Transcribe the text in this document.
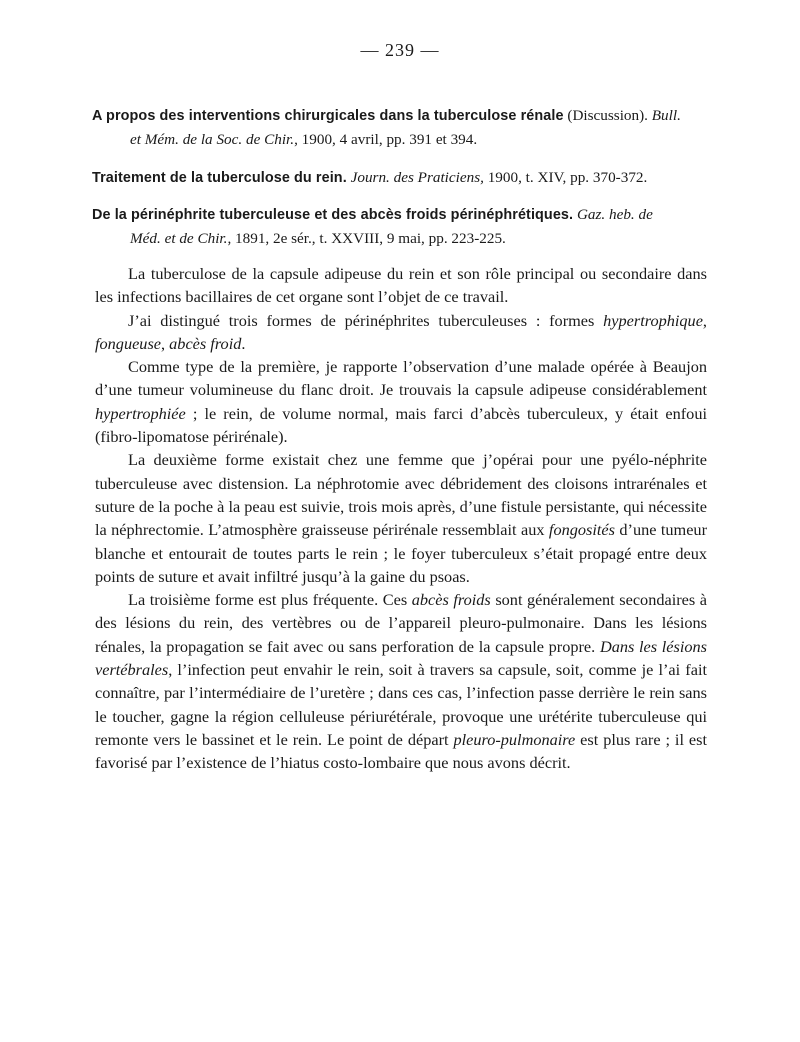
— 239 —
A propos des interventions chirurgicales dans la tuberculose rénale (Discussion). Bull.
et Mém. de la Soc. de Chir., 1900, 4 avril, pp. 391 et 394.
Traitement de la tuberculose du rein. Journ. des Praticiens, 1900, t. XIV, pp. 370-372.
De la périnéphrite tuberculeuse et des abcès froids périnéphrétiques. Gaz. heb. de
Méd. et de Chir., 1891, 2e sér., t. XXVIII, 9 mai, pp. 223-225.

La tuberculose de la capsule adipeuse du rein et son rôle principal ou secondaire dans les infections bacillaires de cet organe sont l’objet de ce travail.

J’ai distingué trois formes de périnéphrites tuberculeuses : formes hypertrophique, fongueuse, abcès froid.

Comme type de la première, je rapporte l’observation d’une malade opérée à Beaujon d’une tumeur volumineuse du flanc droit. Je trouvais la capsule adipeuse considérablement hypertrophiée ; le rein, de volume normal, mais farci d’abcès tuberculeux, y était enfoui (fibro-lipomatose périrénale).

La deuxième forme existait chez une femme que j’opérai pour une pyélo-néphrite tuberculeuse avec distension. La néphrotomie avec débridement des cloisons intrarénales et suture de la poche à la peau est suivie, trois mois après, d’une fistule persistante, qui nécessite la néphrectomie. L’atmosphère graisseuse périrénale ressemblait aux fongosités d’une tumeur blanche et entourait de toutes parts le rein ; le foyer tuberculeux s’était propagé entre deux points de suture et avait infiltré jusqu’à la gaine du psoas.

La troisième forme est plus fréquente. Ces abcès froids sont généralement secondaires à des lésions du rein, des vertèbres ou de l’appareil pleuro-pulmonaire. Dans les lésions rénales, la propagation se fait avec ou sans perforation de la capsule propre. Dans les lésions vertébrales, l’infection peut envahir le rein, soit à travers sa capsule, soit, comme je l’ai fait connaître, par l’intermédiaire de l’uretère ; dans ces cas, l’infection passe derrière le rein sans le toucher, gagne la région celluleuse périurétérale, provoque une urétérite tuberculeuse qui remonte vers le bassinet et le rein. Le point de départ pleuro-pulmonaire est plus rare ; il est favorisé par l’existence de l’hiatus costo-lombaire que nous avons décrit.
